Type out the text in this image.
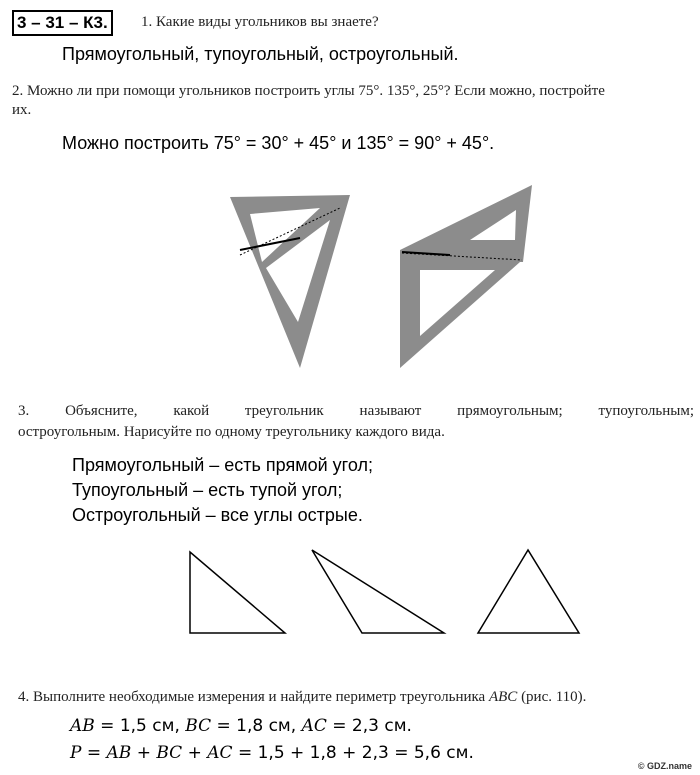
3 – 31 – К3.	1. Какие виды угольников вы знаете?
Прямоугольный, тупоугольный, остроугольный.
2. Можно ли при помощи угольников построить углы 75°. 135°, 25°? Если можно, постройте
их.
Можно построить 75° = 30° + 45° и 135° = 90° + 45°.
3. Объясните, какой треугольник называют прямоугольным; тупоугольным;
остроугольным. Нарисуйте по одному треугольнику каждого вида.
Прямоугольный – есть прямой угол;
Тупоугольный – есть тупой угол;
Остроугольный – все углы острые.
4. Выполните необходимые измерения и найдите периметр треугольника ABC (рис. 110).
AB = 1,5 см, BC = 1,8 см, AC = 2,3 см.
P = AB + BC + AC = 1,5 + 1,8 + 2,3 = 5,6 см.
© GDZ.name
